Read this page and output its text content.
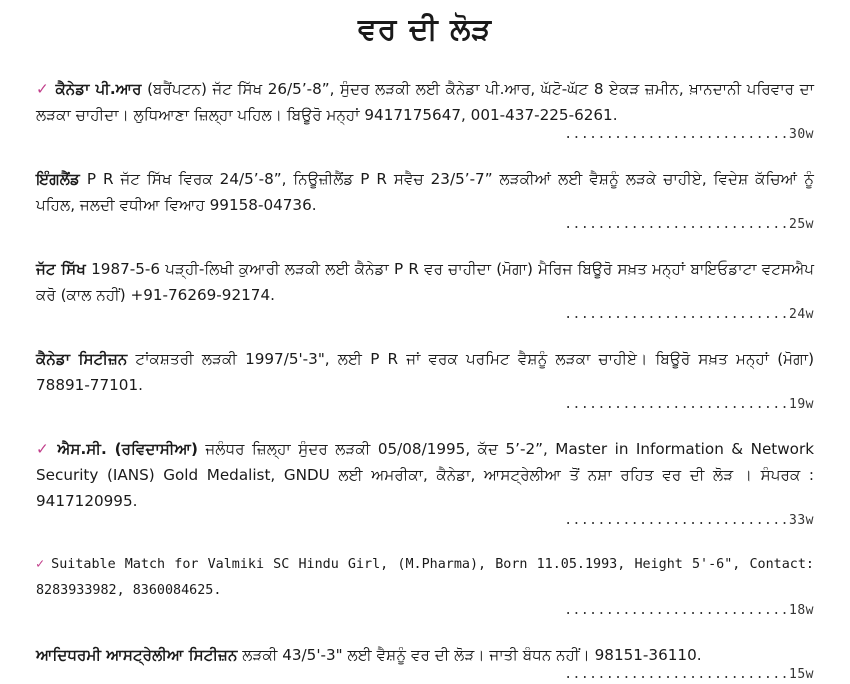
ਵਰ ਦੀ ਲੋੜ

✓ ਕੈਨੇਡਾ ਪੀ.ਆਰ (ਬਰੈਂਪਟਨ) ਜੱਟ ਸਿੱਖ 26/5’-8”, ਸੁੰਦਰ ਲੜਕੀ ਲਈ ਕੈਨੇਡਾ ਪੀ.ਆਰ, ਘੱਟੋ-ਘੱਟ 8 ਏਕੜ ਜ਼ਮੀਨ, ਖ਼ਾਨਦਾਨੀ ਪਰਿਵਾਰ ਦਾ ਲੜਕਾ ਚਾਹੀਦਾ। ਲੁਧਿਆਣਾ ਜ਼ਿਲ੍ਹਾ ਪਹਿਲ। ਬਿਊਰੋ ਮਨ੍ਹਾਂ 9417175647, 001-437-225-6261.

...........................30w

ਇੰਗਲੈਂਡ P R ਜੱਟ ਸਿੱਖ ਵਿਰਕ 24/5’-8”, ਨਿਊਜ਼ੀਲੈਂਡ P R ਸਵੈਚ 23/5’-7” ਲੜਕੀਆਂ ਲਈ ਵੈਸ਼ਨੂੰ ਲੜਕੇ ਚਾਹੀਏ, ਵਿਦੇਸ਼ ਕੱਚਿਆਂ ਨੂੰ ਪਹਿਲ, ਜਲਦੀ ਵਧੀਆ ਵਿਆਹ 99158-04736.

...........................25w

ਜੱਟ ਸਿੱਖ 1987-5-6 ਪੜ੍ਹੀ-ਲਿਖੀ ਕੁਆਰੀ ਲੜਕੀ ਲਈ ਕੈਨੇਡਾ P R ਵਰ ਚਾਹੀਦਾ (ਮੋਗਾ) ਮੈਰਿਜ ਬਿਊਰੋ ਸਖ਼ਤ ਮਨ੍ਹਾਂ ਬਾਇਓਡਾਟਾ ਵਟਸਐਪ ਕਰੋ (ਕਾਲ ਨਹੀਂ) +91-76269-92174.

...........................24w

ਕੈਨੇਡਾ ਸਿਟੀਜ਼ਨ ਟਾਂਕਸ਼ਤਰੀ ਲੜਕੀ 1997/5'-3", ਲਈ P R ਜਾਂ ਵਰਕ ਪਰਮਿਟ ਵੈਸ਼ਨੂੰ ਲੜਕਾ ਚਾਹੀਏ। ਬਿਊਰੋ ਸਖ਼ਤ ਮਨ੍ਹਾਂ (ਮੋਗਾ) 78891-77101.

...........................19w

✓ ਐਸ.ਸੀ. (ਰਵਿਦਾਸੀਆ) ਜਲੰਧਰ ਜ਼ਿਲ੍ਹਾ ਸੁੰਦਰ ਲੜਕੀ 05/08/1995, ਕੱਦ 5’-2”, Master in Information & Network Security (IANS) Gold Medalist, GNDU ਲਈ ਅਮਰੀਕਾ, ਕੈਨੇਡਾ, ਆਸਟ੍ਰੇਲੀਆ ਤੋਂ ਨਸ਼ਾ ਰਹਿਤ ਵਰ ਦੀ ਲੋੜ । ਸੰਪਰਕ : 9417120995.

...........................33w

✓ Suitable Match for Valmiki SC Hindu Girl, (M.Pharma), Born 11.05.1993, Height 5'-6", Contact: 8283933982, 8360084625.

...........................18w

ਆਦਿਧਰਮੀ ਆਸਟ੍ਰੇਲੀਆ ਸਿਟੀਜ਼ਨ ਲੜਕੀ 43/5'-3" ਲਈ ਵੈਸ਼ਨੂੰ ਵਰ ਦੀ ਲੋੜ। ਜਾਤੀ ਬੰਧਨ ਨਹੀਂ। 98151-36110.

...........................15w
